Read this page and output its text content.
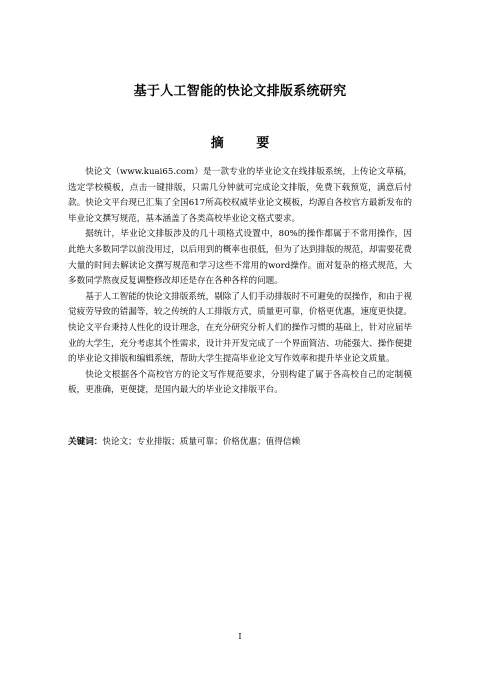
基于人工智能的快论文排版系统研究
摘 要

快论文（www.kuai65.com）是一款专业的毕业论文在线排版系统，上传论文草稿，选定学校模板，点击一键排版，只需几分钟就可完成论文排版，免费下载预览，满意后付款。快论文平台现已汇集了全国617所高校权威毕业论文模板，均源自各校官方最新发布的毕业论文撰写规范，基本涵盖了各类高校毕业论文格式要求。

据统计，毕业论文排版涉及的几十项格式设置中，80%的操作都属于不常用操作，因此绝大多数同学以前没用过，以后用到的概率也很低，但为了达到排版的规范，却需要花费大量的时间去解读论文撰写规范和学习这些不常用的word操作。面对复杂的格式规范，大多数同学熬夜反复调整修改却还是存在各种各样的问题。

基于人工智能的快论文排版系统，剔除了人们手动排版时不可避免的误操作，和由于视觉疲劳导致的错漏等，较之传统的人工排版方式，质量更可靠，价格更优惠，速度更快捷。快论文平台秉持人性化的设计理念，在充分研究分析人们的操作习惯的基础上，针对应届毕业的大学生，充分考虑其个性需求，设计并开发完成了一个界面简洁、功能强大、操作便捷的毕业论文排版和编辑系统，帮助大学生提高毕业论文写作效率和提升毕业论文质量。

快论文根据各个高校官方的论文写作规范要求，分别构建了属于各高校自己的定制模板，更准确，更便捷，是国内最大的毕业论文排版平台。

关键词：快论文；专业排版；质量可靠；价格优惠；值得信赖
I
